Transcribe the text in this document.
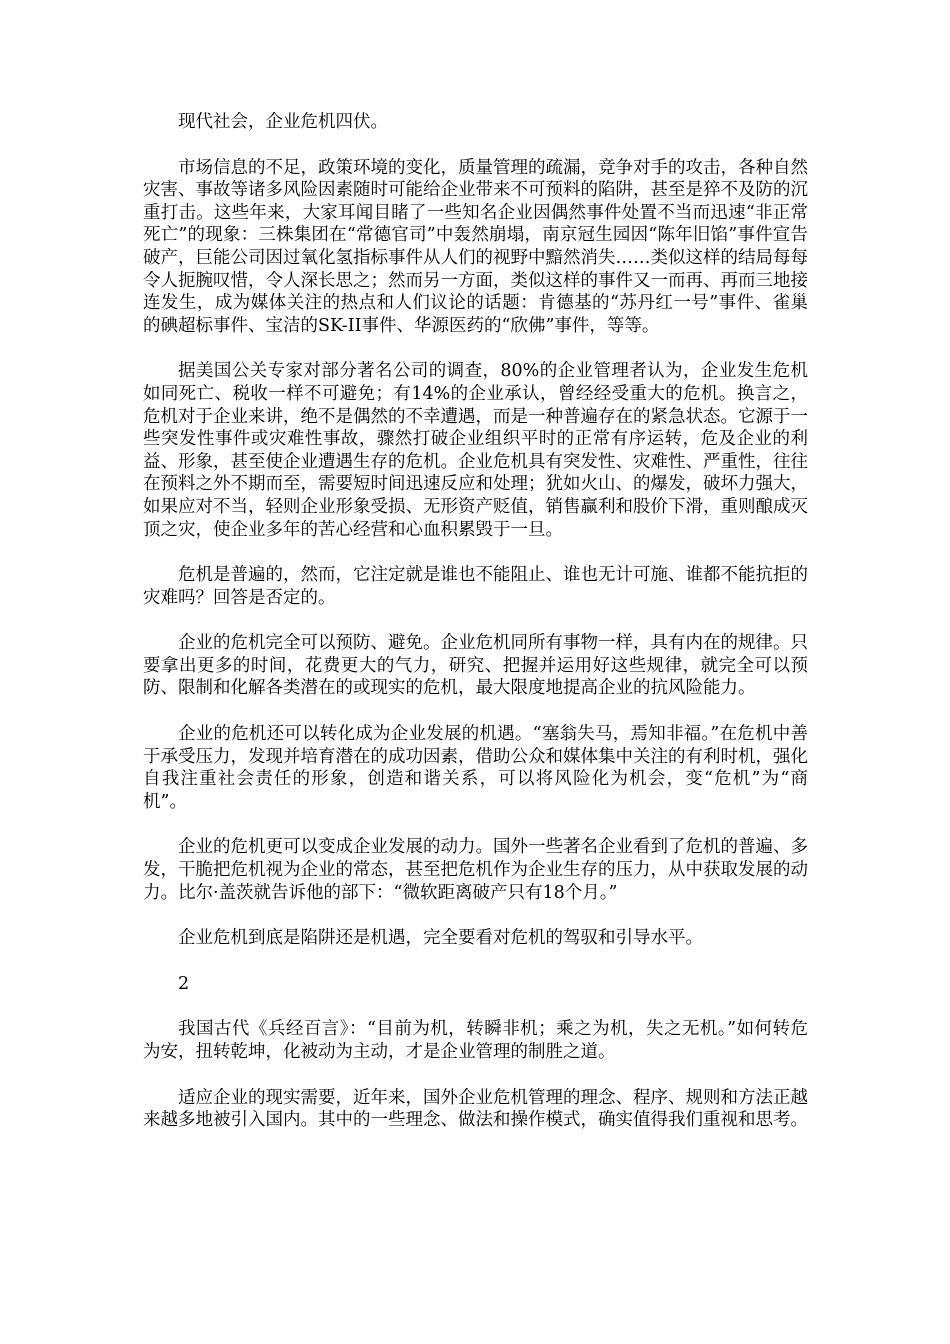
现代社会，企业危机四伏。

市场信息的不足，政策环境的变化，质量管理的疏漏，竞争对手的攻击，各种自然灾害、事故等诸多风险因素随时可能给企业带来不可预料的陷阱，甚至是猝不及防的沉重打击。这些年来，大家耳闻目睹了一些知名企业因偶然事件处置不当而迅速“非正常死亡”的现象：三株集团在“常德官司”中轰然崩塌，南京冠生园因“陈年旧馅”事件宣告破产，巨能公司因过氧化氢指标事件从人们的视野中黯然消失……类似这样的结局每每令人扼腕叹惜，令人深长思之；然而另一方面，类似这样的事件又一而再、再而三地接连发生，成为媒体关注的热点和人们议论的话题：肯德基的“苏丹红一号”事件、雀巢的碘超标事件、宝洁的SK-II事件、华源医药的“欣佛”事件，等等。

据美国公关专家对部分著名公司的调查，80%的企业管理者认为，企业发生危机如同死亡、税收一样不可避免；有14%的企业承认，曾经经受重大的危机。换言之，危机对于企业来讲，绝不是偶然的不幸遭遇，而是一种普遍存在的紧急状态。它源于一些突发性事件或灾难性事故，骤然打破企业组织平时的正常有序运转，危及企业的利益、形象，甚至使企业遭遇生存的危机。企业危机具有突发性、灾难性、严重性，往往在预料之外不期而至，需要短时间迅速反应和处理；犹如火山、的爆发，破坏力强大，如果应对不当，轻则企业形象受损、无形资产贬值，销售赢利和股价下滑，重则酿成灭顶之灾，使企业多年的苦心经营和心血积累毁于一旦。

危机是普遍的，然而，它注定就是谁也不能阻止、谁也无计可施、谁都不能抗拒的灾难吗？回答是否定的。

企业的危机完全可以预防、避免。企业危机同所有事物一样，具有内在的规律。只要拿出更多的时间，花费更大的气力，研究、把握并运用好这些规律，就完全可以预防、限制和化解各类潜在的或现实的危机，最大限度地提高企业的抗风险能力。

企业的危机还可以转化成为企业发展的机遇。“塞翁失马，焉知非福。”在危机中善于承受压力，发现并培育潜在的成功因素，借助公众和媒体集中关注的有利时机，强化自我注重社会责任的形象，创造和谐关系，可以将风险化为机会，变“危机”为“商机”。

企业的危机更可以变成企业发展的动力。国外一些著名企业看到了危机的普遍、多发，干脆把危机视为企业的常态，甚至把危机作为企业生存的压力，从中获取发展的动力。比尔·盖茨就告诉他的部下：“微软距离破产只有18个月。”

企业危机到底是陷阱还是机遇，完全要看对危机的驾驭和引导水平。

2

我国古代《兵经百言》：“目前为机，转瞬非机；乘之为机，失之无机。”如何转危为安，扭转乾坤，化被动为主动，才是企业管理的制胜之道。

适应企业的现实需要，近年来，国外企业危机管理的理念、程序、规则和方法正越来越多地被引入国内。其中的一些理念、做法和操作模式，确实值得我们重视和思考。
